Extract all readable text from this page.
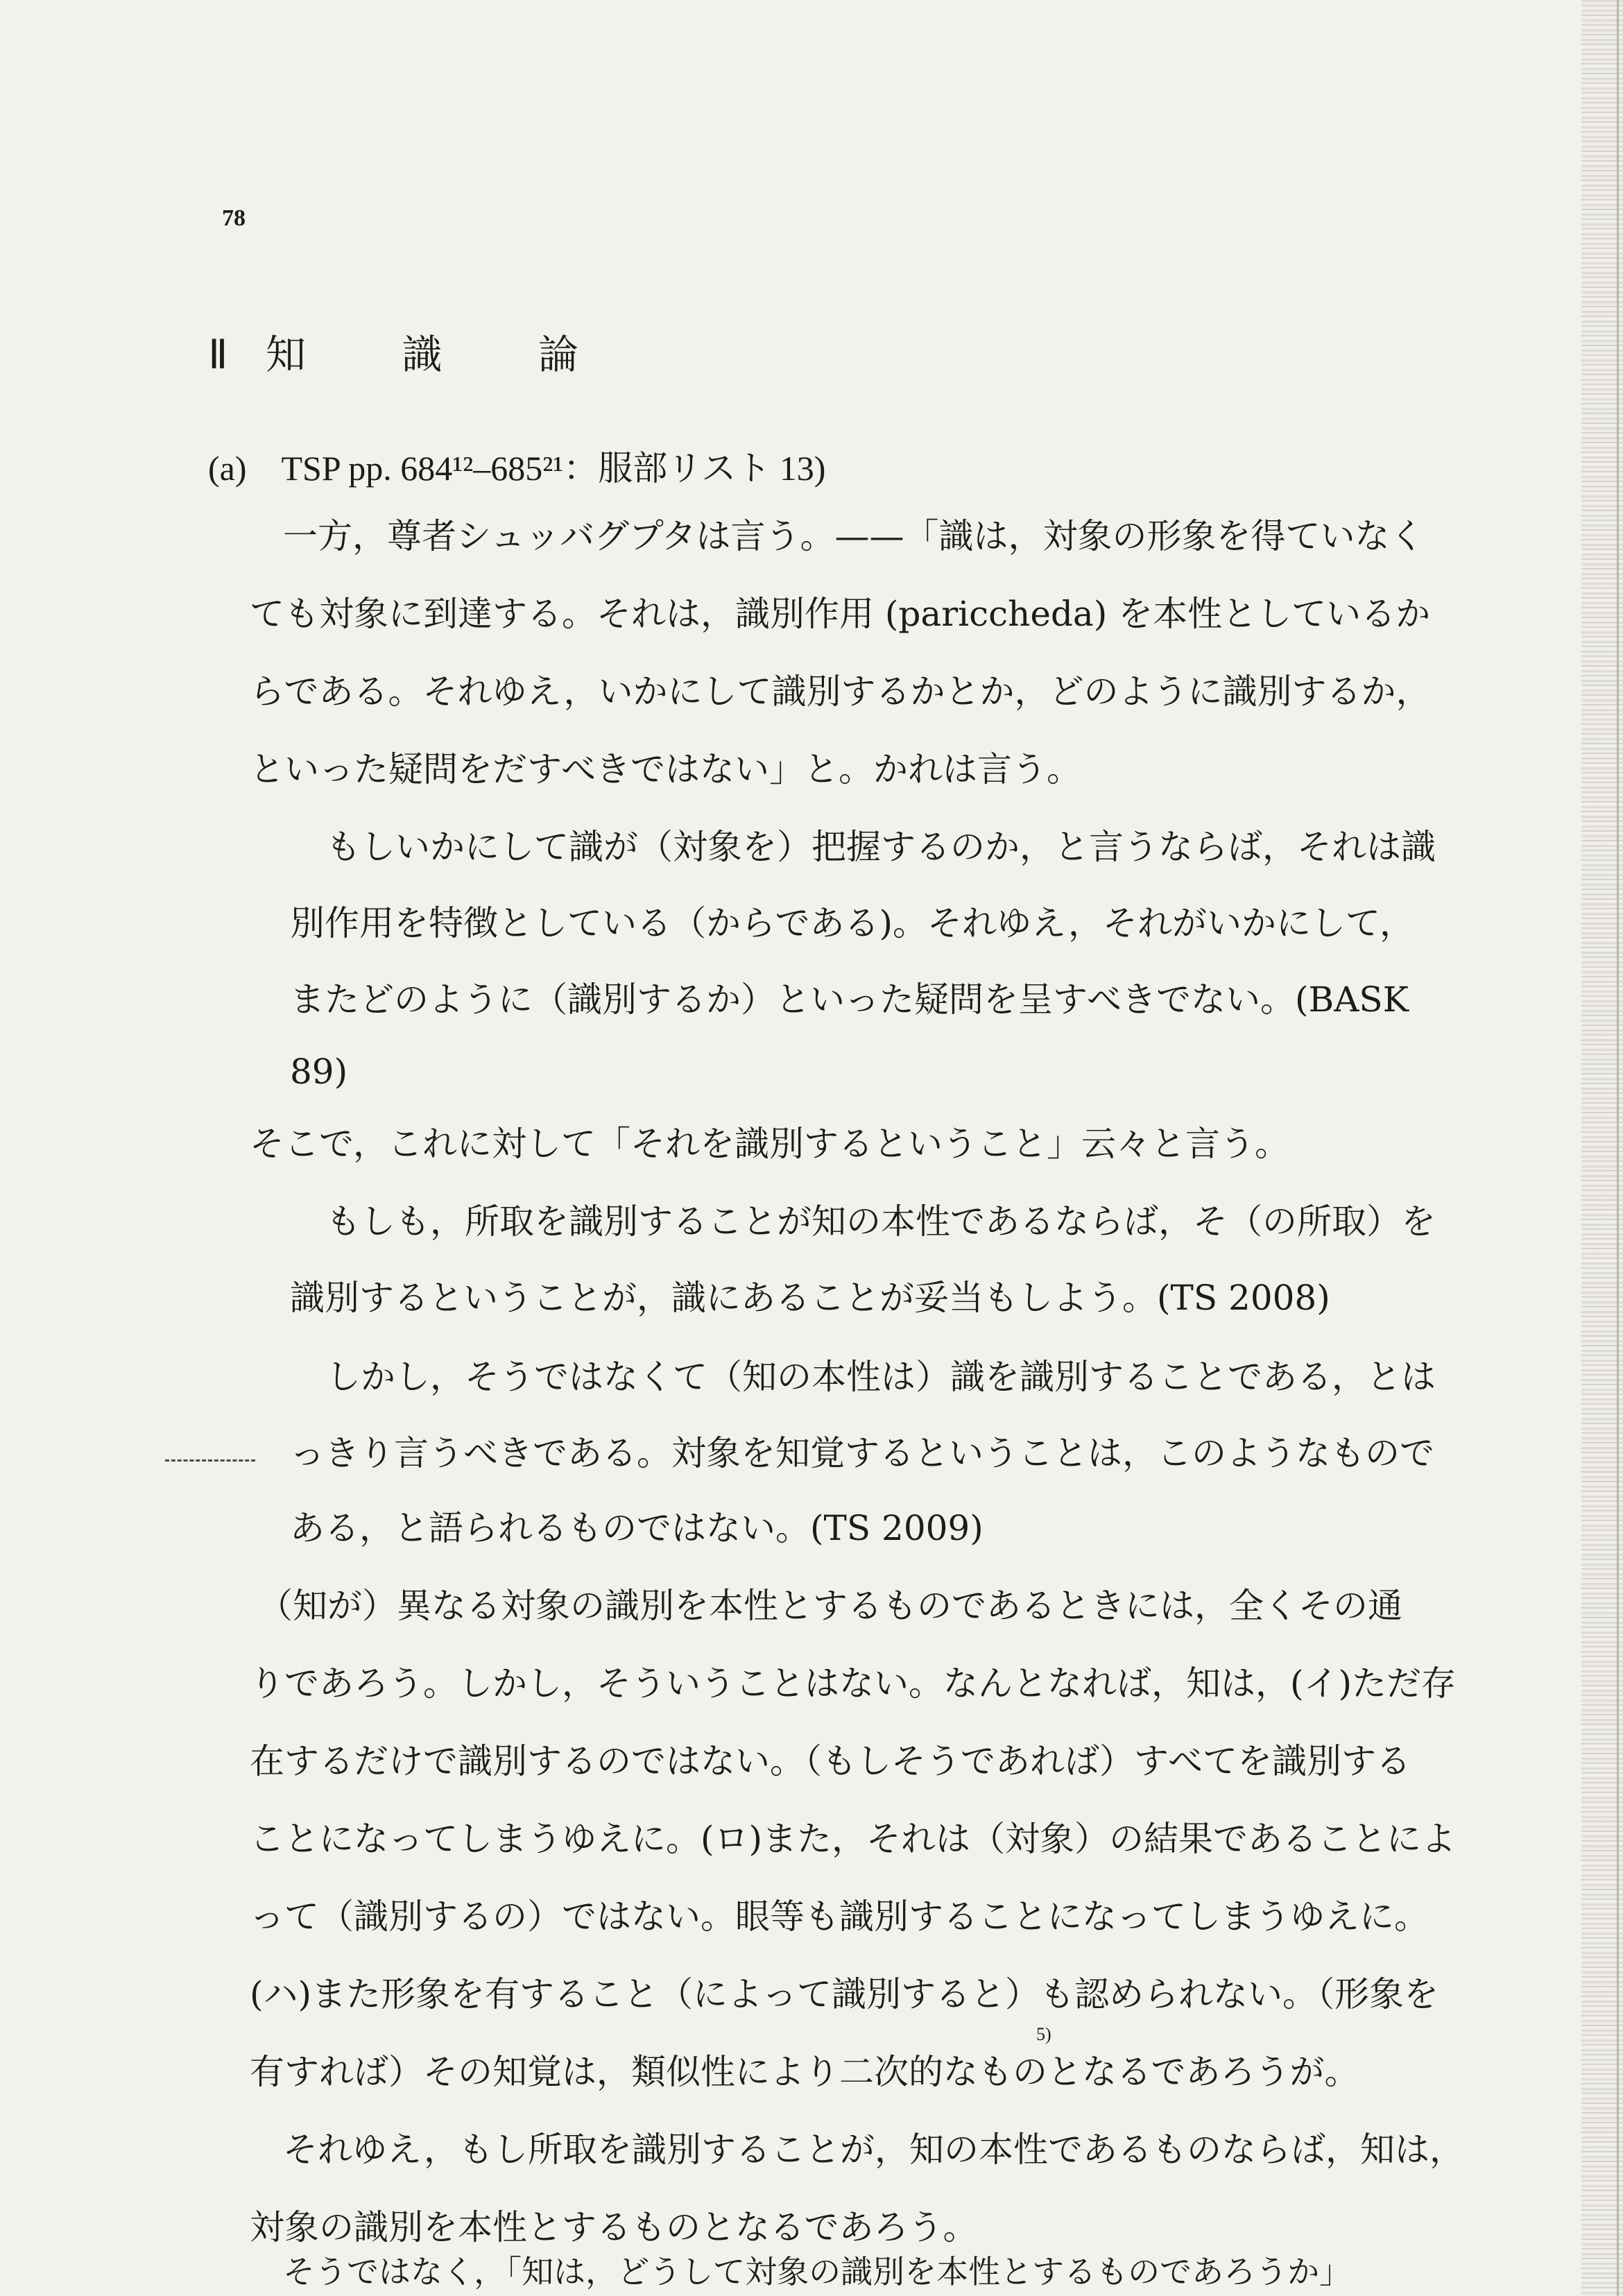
78
Ⅱ 知 識 論
(a)　TSP pp. 684¹²–685²¹：服部リスト 13)
一方，尊者シュッバグプタは言う。——「識は，対象の形象を得ていなく
ても対象に到達する。それは，識別作用 (pariccheda) を本性としているか
らである。それゆえ，いかにして識別するかとか，どのように識別するか，
といった疑問をだすべきではない」と。かれは言う。
もしいかにして識が（対象を）把握するのか，と言うならば，それは識
別作用を特徴としている（からである)。それゆえ，それがいかにして，
またどのように（識別するか）といった疑問を呈すべきでない。(BASK
89)
そこで，これに対して「それを識別するということ」云々と言う。
もしも，所取を識別することが知の本性であるならば，そ（の所取）を
識別するということが，識にあることが妥当もしよう。(TS 2008)
しかし，そうではなくて（知の本性は）識を識別することである，とは
っきり言うべきである。対象を知覚するということは，このようなもので
ある，と語られるものではない。(TS 2009)
（知が）異なる対象の識別を本性とするものであるときには，全くその通
りであろう。しかし，そういうことはない。なんとなれば，知は，(イ)ただ存
在するだけで識別するのではない。（もしそうであれば）すべてを識別する
ことになってしまうゆえに。(ロ)また，それは（対象）の結果であることによ
って（識別するの）ではない。眼等も識別することになってしまうゆえに。
(ハ)また形象を有すること（によって識別すると）も認められない。（形象を
有すれば）その知覚は，類似性により二次的なものとなるであろうが。
それゆえ，もし所取を識別することが，知の本性であるものならば，知は，
対象の識別を本性とするものとなるであろう。
そうではなく，「知は，どうして対象の識別を本性とするものであろうか」
5)
